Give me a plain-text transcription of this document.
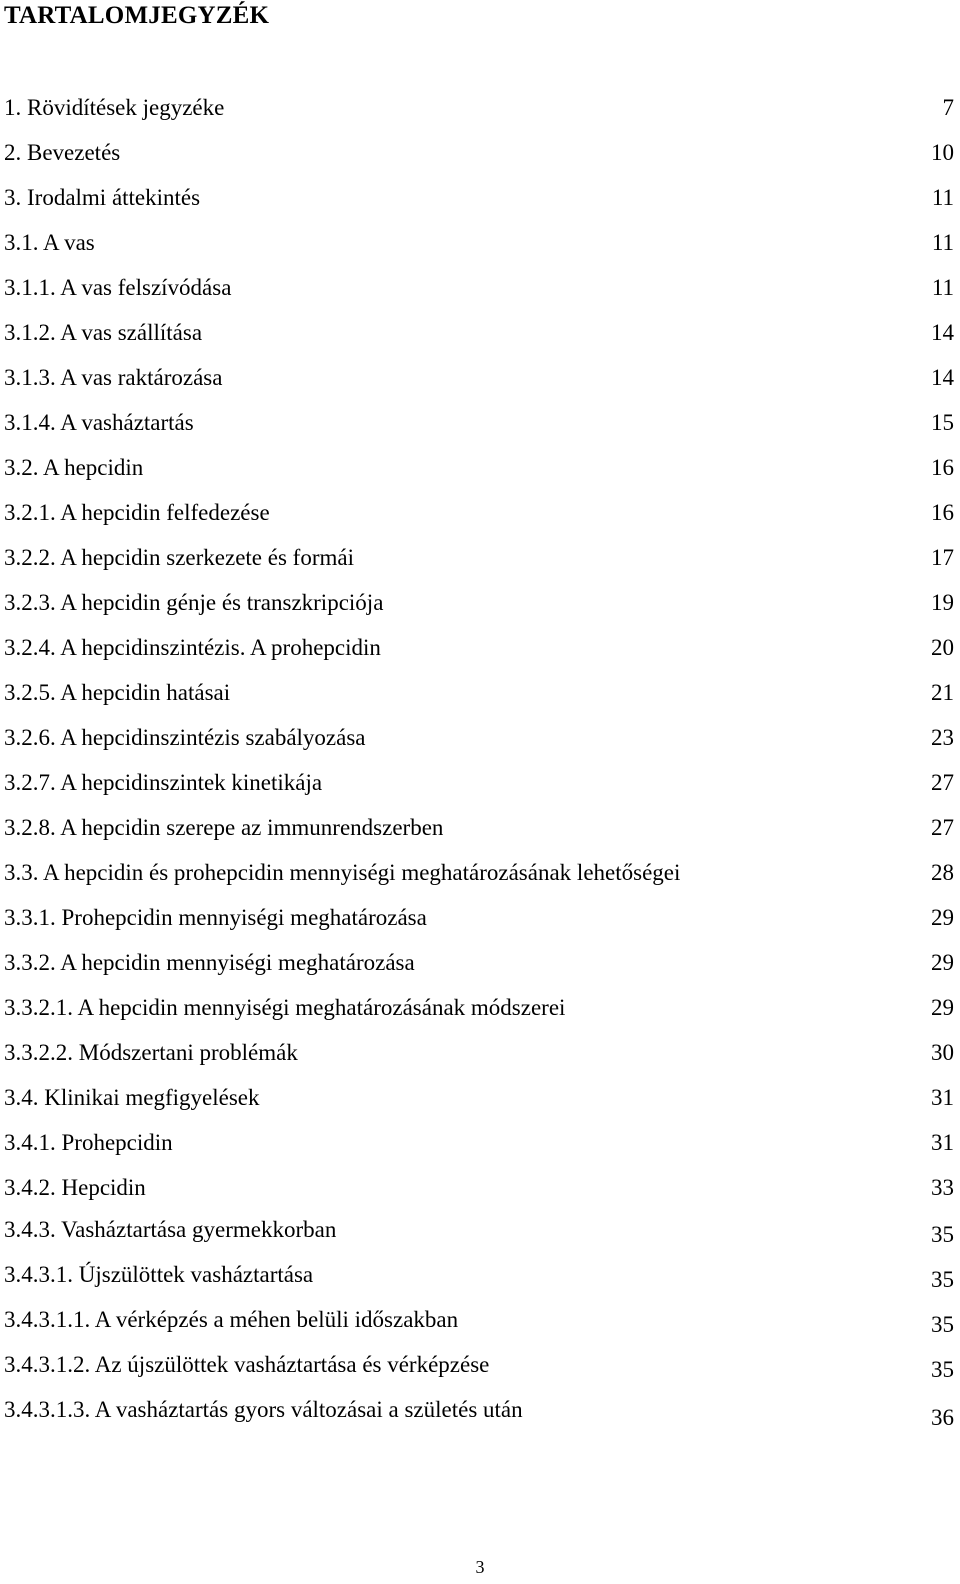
TARTALOMJEGYZÉK
1. Rövidítések jegyzéke	7
2. Bevezetés	10
3. Irodalmi áttekintés	11
3.1. A vas	11
3.1.1. A vas felszívódása	11
3.1.2. A vas szállítása	14
3.1.3. A vas raktározása	14
3.1.4. A vasháztartás	15
3.2. A hepcidin	16
3.2.1. A hepcidin felfedezése	16
3.2.2. A hepcidin szerkezete és formái	17
3.2.3. A hepcidin génje és transzkripciója	19
3.2.4. A hepcidinszintézis. A prohepcidin	20
3.2.5. A hepcidin hatásai	21
3.2.6. A hepcidinszintézis szabályozása	23
3.2.7. A hepcidinszintek kinetikája	27
3.2.8. A hepcidin szerepe az immunrendszerben	27
3.3. A hepcidin és prohepcidin mennyiségi meghatározásának lehetőségei	28
3.3.1. Prohepcidin mennyiségi meghatározása	29
3.3.2. A hepcidin mennyiségi meghatározása	29
3.3.2.1. A hepcidin mennyiségi meghatározásának módszerei	29
3.3.2.2. Módszertani problémák	30
3.4. Klinikai megfigyelések	31
3.4.1. Prohepcidin	31
3.4.2. Hepcidin	33
3.4.3. Vasháztartása gyermekkorban	35
3.4.3.1. Újszülöttek vasháztartása	35
3.4.3.1.1. A vérképzés a méhen belüli időszakban	35
3.4.3.1.2. Az újszülöttek vasháztartása és vérképzése	35
3.4.3.1.3. A vasháztartás gyors változásai a születés után	36
3
